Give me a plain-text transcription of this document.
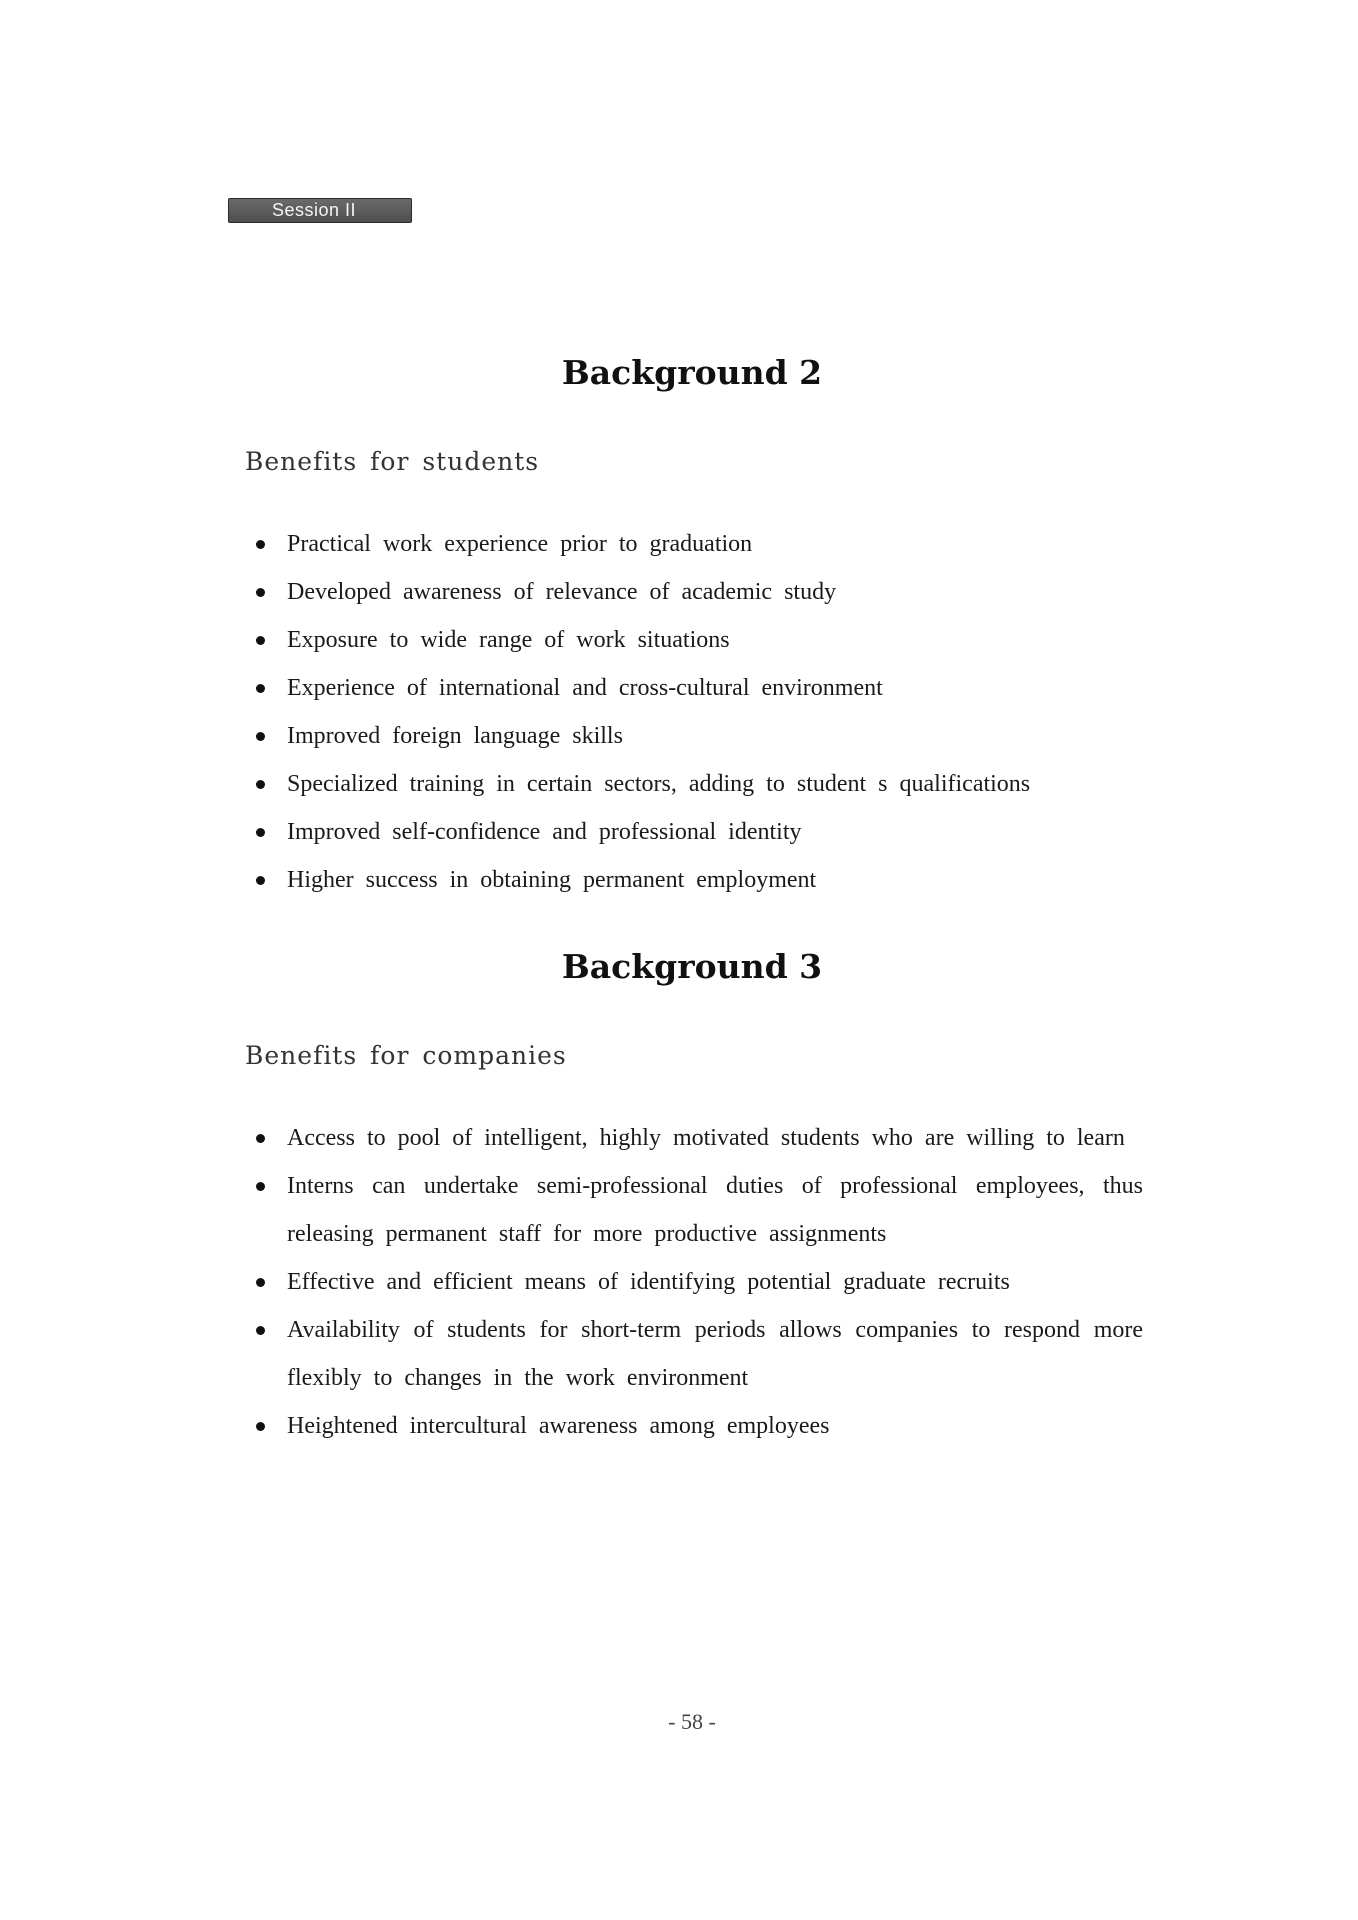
Session II
Background 2
Benefits for students
Practical work experience prior to graduation
Developed awareness of relevance of academic study
Exposure to wide range of work situations
Experience of international and cross-cultural environment
Improved foreign language skills
Specialized training in certain sectors, adding to student s qualifications
Improved self-confidence and professional identity
Higher success in obtaining permanent employment
Background 3
Benefits for companies
Access to pool of intelligent, highly motivated students who are willing to learn
Interns can undertake semi-professional duties of professional employees, thus releasing permanent staff for more productive assignments
Effective and efficient means of identifying potential graduate recruits
Availability of students for short-term periods allows companies to respond more flexibly to changes in the work environment
Heightened intercultural awareness among employees
- 58 -
